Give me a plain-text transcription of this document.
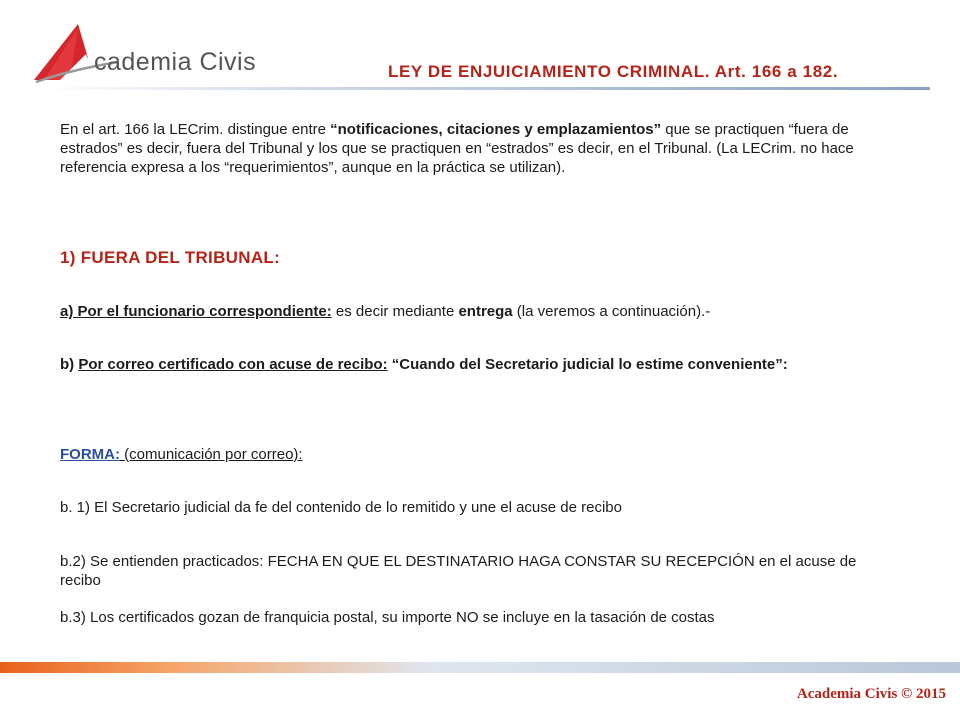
cademia Civis	LEY DE ENJUICIAMIENTO CRIMINAL. Art. 166 a 182.
En el art. 166 la LECrim. distingue entre “notificaciones, citaciones y emplazamientos” que se practiquen “fuera de estrados” es decir, fuera del Tribunal y los que se practiquen en “estrados” es decir, en el Tribunal. (La LECrim. no hace referencia expresa a los “requerimientos”, aunque en la práctica se utilizan).
1) FUERA DEL TRIBUNAL:
a) Por el funcionario correspondiente: es decir mediante entrega (la veremos a continuación).-
b) Por correo certificado con acuse de recibo: “Cuando del Secretario judicial lo estime conveniente”:
FORMA: (comunicación por correo):
b. 1) El Secretario judicial da fe del contenido de lo remitido y une el acuse de recibo
b.2) Se entienden practicados: FECHA EN QUE EL DESTINATARIO HAGA CONSTAR SU RECEPCIÓN en el acuse de recibo
b.3) Los certificados gozan de franquicia postal, su importe NO se incluye en la tasación de costas
Academia Civis © 2015
